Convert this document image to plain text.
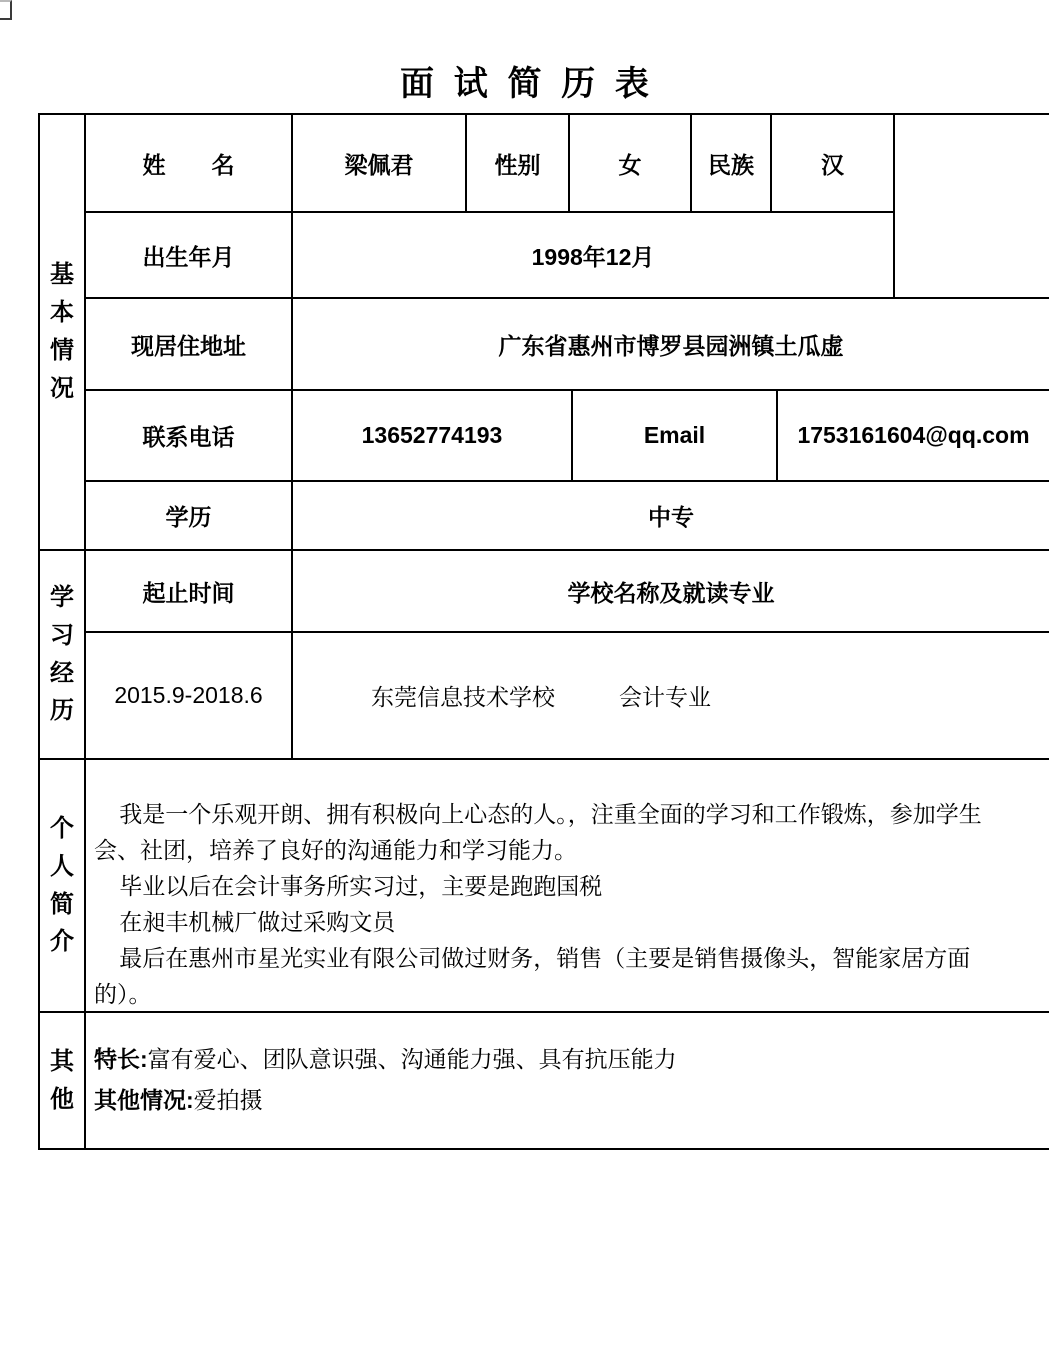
面试简历表
基本情况
姓名	梁佩君	性别	女	民族	汉
出生年月	1998年12月
现居住地址	广东省惠州市博罗县园洲镇土瓜虚
联系电话	13652774193	Email	1753161604@qq.com
学历	中专
学习经历
起止时间	学校名称及就读专业
2015.9-2018.6	东莞信息技术学校	会计专业
个人简介

我是一个乐观开朗、拥有积极向上心态的人。，注重全面的学习和工作锻炼，参加学生会、社团，培养了良好的沟通能力和学习能力。

毕业以后在会计事务所实习过，主要是跑跑国税

在昶丰机械厂做过采购文员

最后在惠州市星光实业有限公司做过财务，销售（主要是销售摄像头，智能家居方面的）。

其他
特长:富有爱心、团队意识强、沟通能力强、具有抗压能力
其他情况:爱拍摄
